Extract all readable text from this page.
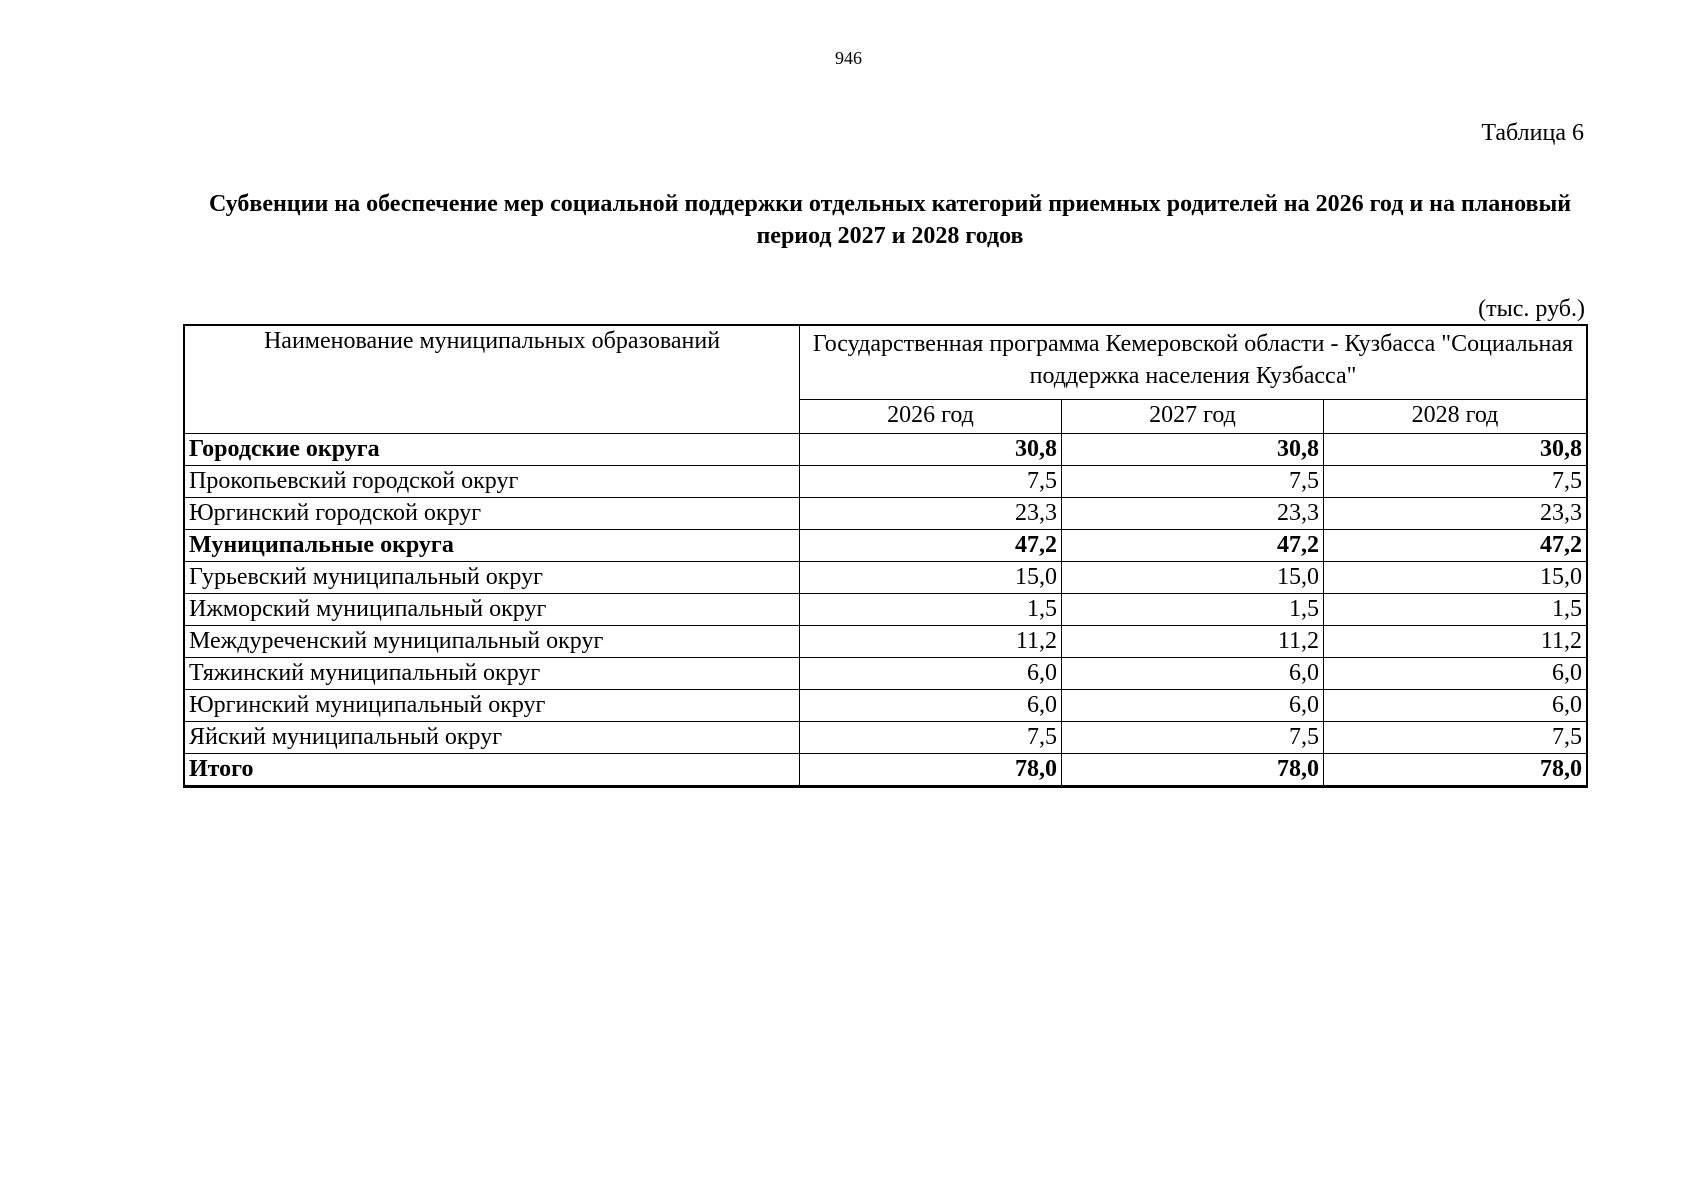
946
Таблица 6
Субвенции на обеспечение мер социальной поддержки отдельных категорий приемных родителей на 2026 год и на плановый период 2027 и 2028 годов
(тыс. руб.)
Наименование муниципальных образований	Государственная программа Кемеровской области - Кузбасса "Социальная поддержка населения Кузбасса"		
	2026 год	2027 год	2028 год
Городские округа	30,8	30,8	30,8
Прокопьевский городской округ	7,5	7,5	7,5
Юргинский городской округ	23,3	23,3	23,3
Муниципальные округа	47,2	47,2	47,2
Гурьевский муниципальный округ	15,0	15,0	15,0
Ижморский муниципальный округ	1,5	1,5	1,5
Междуреченский муниципальный округ	11,2	11,2	11,2
Тяжинский муниципальный округ	6,0	6,0	6,0
Юргинский муниципальный округ	6,0	6,0	6,0
Яйский муниципальный округ	7,5	7,5	7,5
Итого	78,0	78,0	78,0
